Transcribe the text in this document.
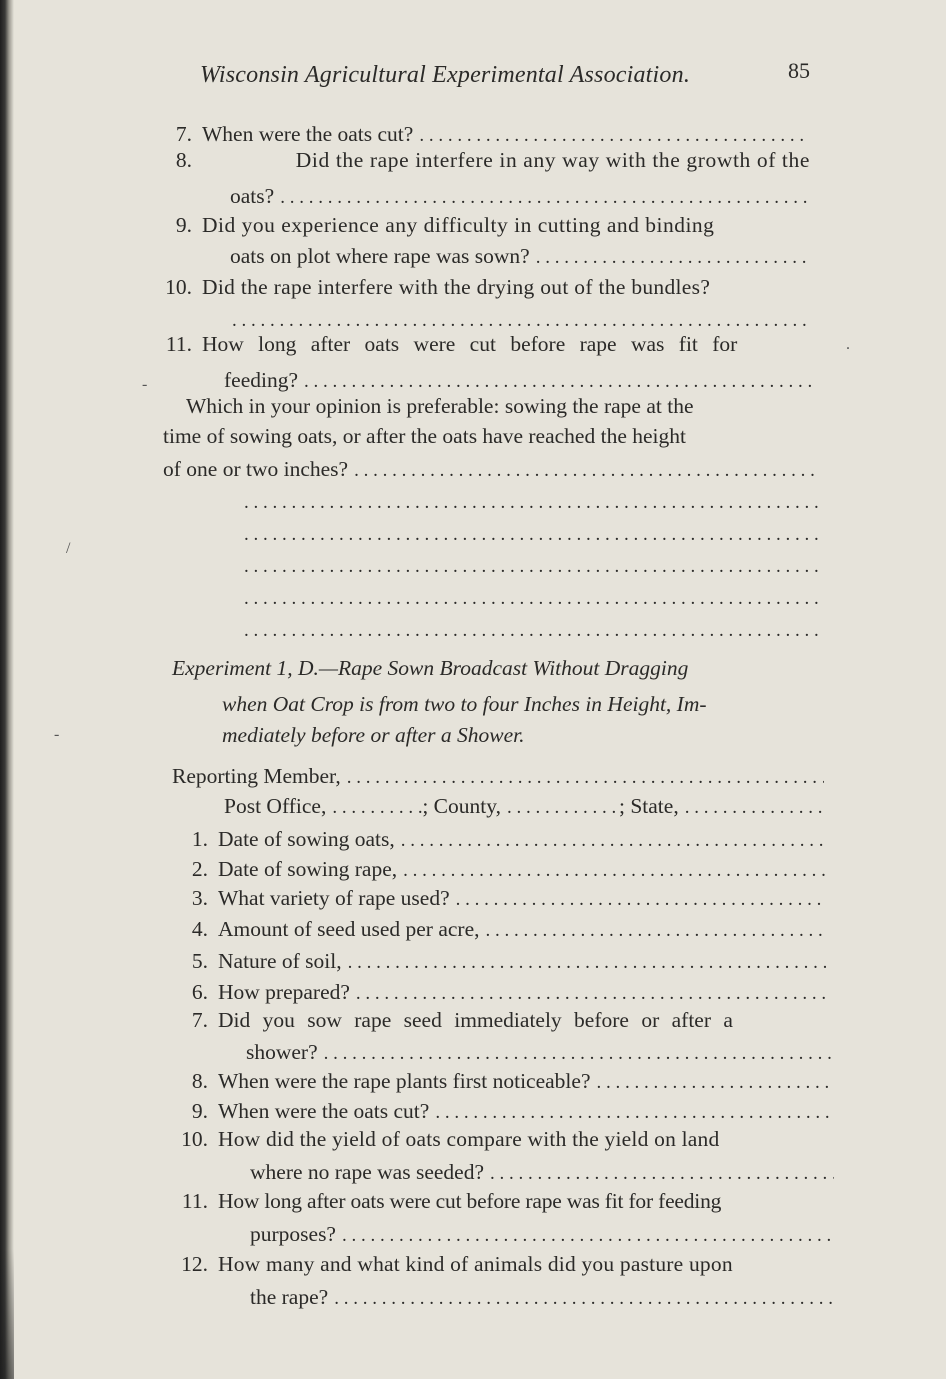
Wisconsin Agricultural Experimental Association.	85
7. When were the oats cut?
. . .
8.	Did the rape interfere in any way with the growth of the
oats?
. . .
9. Did you experience any difficulty in cutting and binding
oats on plot where rape was sown?
. . .
10. Did the rape interfere with the drying out of the bundles?
. . .
11. How long after oats were cut before rape was fit for
feeding?
. . .
Which in your opinion is preferable: sowing the rape at the
time of sowing oats, or after the oats have reached the height
of one or two inches?
. . .
. . .
. . .
. . .
. . .
. . .
Experiment 1, D.—Rape Sown Broadcast Without Dragging
when Oat Crop is from two to four Inches in Height, Im-
mediately before or after a Shower.
Reporting Member,
. . .
Post Office, . . .	; County, . . .	; State,
. . .
1. Date of sowing oats,
. . .
2. Date of sowing rape,
. . .
3. What variety of rape used?
. . .
4. Amount of seed used per acre,
. . .
5. Nature of soil,
. . .
6. How prepared?
. . .
7. Did you sow rape seed immediately before or after a
shower?
. . .
8. When were the rape plants first noticeable?
. . .
9. When were the oats cut?
. . .
10. How did the yield of oats compare with the yield on land
where no rape was seeded?
. . .
11. How long after oats were cut before rape was fit for feeding
purposes?
. . .
12. How many and what kind of animals did you pasture upon
the rape?
. . .
/
-
-
.
